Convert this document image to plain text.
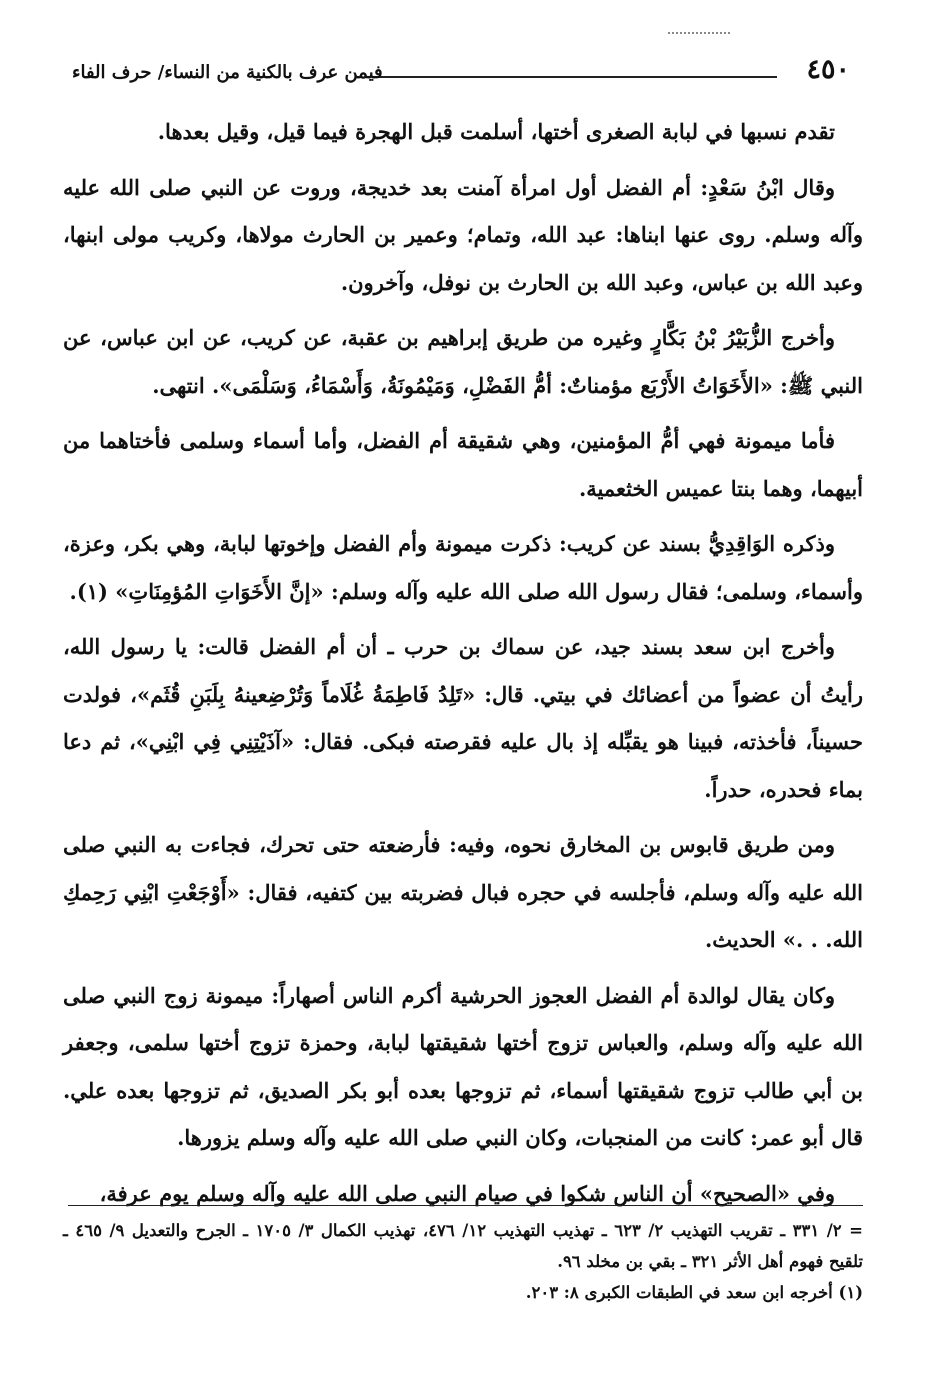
٤٥٠
فيمن عرف بالكنية من النساء/ حرف الفاء

تقدم نسبها في لبابة الصغرى أختها، أسلمت قبل الهجرة فيما قيل، وقيل بعدها.

وقال ابْنُ سَعْدٍ: أم الفضل أول امرأة آمنت بعد خديجة، وروت عن النبي صلى الله عليه وآله وسلم. روى عنها ابناها: عبد الله، وتمام؛ وعمير بن الحارث مولاها، وكريب مولى ابنها، وعبد الله بن عباس، وعبد الله بن الحارث بن نوفل، وآخرون.

وأخرج الزُّبَيْرُ بْنُ بَكَّارٍ وغيره من طريق إبراهيم بن عقبة، عن كريب، عن ابن عباس، عن النبي ﷺ: «الأَخَوَاتُ الأَرْبَع مؤمناتٌ: أمُّ الفَضْلِ، وَمَيْمُونَةُ، وَأَسْمَاءُ، وَسَلْمَى». انتهى.

فأما ميمونة فهي أمُّ المؤمنين، وهي شقيقة أم الفضل، وأما أسماء وسلمى فأختاهما من أبيهما، وهما بنتا عميس الخثعمية.

وذكره الوَاقِدِيُّ بسند عن كريب: ذكرت ميمونة وأم الفضل وإخوتها لبابة، وهي بكر، وعزة، وأسماء، وسلمى؛ فقال رسول الله صلى الله عليه وآله وسلم: «إنَّ الأَخَوَاتِ المُؤمِنَاتِ» (١).

وأخرج ابن سعد بسند جيد، عن سماك بن حرب ـ أن أم الفضل قالت: يا رسول الله، رأيتُ أن عضواً من أعضائك في بيتي. قال: «تَلِدُ فَاطِمَةُ غُلَاماً وَتُرْضِعينهُ بِلَبَنِ قُثَم»، فولدت حسيناً، فأخذته، فبينا هو يقبِّله إذ بال عليه فقرصته فبكى. فقال: «آذَيْتِنِي فِي ابْنِي»، ثم دعا بماء فحدره، حدراً.

ومن طريق قابوس بن المخارق نحوه، وفيه: فأرضعته حتى تحرك، فجاءت به النبي صلى الله عليه وآله وسلم، فأجلسه في حجره فبال فضربته بين كتفيه، فقال: «أَوْجَعْتِ ابْنِي رَحِمكِ الله. . .» الحديث.

وكان يقال لوالدة أم الفضل العجوز الحرشية أكرم الناس أصهاراً: ميمونة زوج النبي صلى الله عليه وآله وسلم، والعباس تزوج أختها شقيقتها لبابة، وحمزة تزوج أختها سلمى، وجعفر بن أبي طالب تزوج شقيقتها أسماء، ثم تزوجها بعده أبو بكر الصديق، ثم تزوجها بعده علي. قال أبو عمر: كانت من المنجبات، وكان النبي صلى الله عليه وآله وسلم يزورها.

وفي «الصحيح» أن الناس شكوا في صيام النبي صلى الله عليه وآله وسلم يوم عرفة،

= ٢/ ٣٣١ ـ تقريب التهذيب ٢/ ٦٢٣ ـ تهذيب التهذيب ١٢/ ٤٧٦، تهذيب الكمال ٣/ ١٧٠٥ ـ الجرح والتعديل ٩/ ٤٦٥ ـ تلقيح فهوم أهل الأثر ٣٢١ ـ بقي بن مخلد ٩٦.

(١) أخرجه ابن سعد في الطبقات الكبرى ٨: ٢٠٣.
